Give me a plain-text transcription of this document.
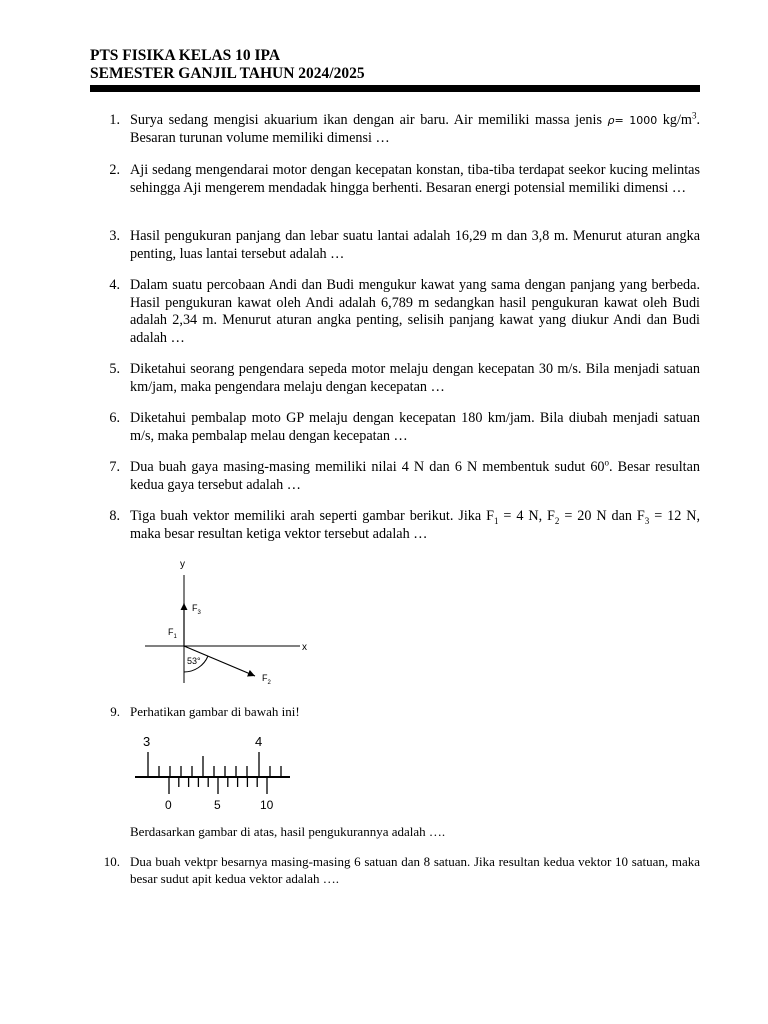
PTS FISIKA KELAS 10 IPA
SEMESTER GANJIL TAHUN 2024/2025
1. Surya sedang mengisi akuarium ikan dengan air baru. Air memiliki massa jenis ρ= 1000 $kg/m^3$. Besaran turunan volume memiliki dimensi …
2. Aji sedang mengendarai motor dengan kecepatan konstan, tiba-tiba terdapat seekor kucing melintas sehingga Aji mengerem mendadak hingga berhenti. Besaran energi potensial memiliki dimensi …
3. Hasil pengukuran panjang dan lebar suatu lantai adalah 16,29 m dan 3,8 m. Menurut aturan angka penting, luas lantai tersebut adalah …
4. Dalam suatu percobaan Andi dan Budi mengukur kawat yang sama dengan panjang yang berbeda. Hasil pengukuran kawat oleh Andi adalah 6,789 m sedangkan hasil pengukuran kawat oleh Budi adalah 2,34 m. Menurut aturan angka penting, selisih panjang kawat yang diukur Andi dan Budi adalah …
5. Diketahui seorang pengendara sepeda motor melaju dengan kecepatan 30 m/s. Bila menjadi satuan km/jam, maka pengendara melaju dengan kecepatan …
6. Diketahui pembalap moto GP melaju dengan kecepatan 180 km/jam. Bila diubah menjadi satuan m/s, maka pembalap melau dengan kecepatan …
7. Dua buah gaya masing-masing memiliki nilai 4 N dan 6 N membentuk sudut 60$^o$. Besar resultan kedua gaya tersebut adalah …
8. Tiga buah vektor memiliki arah seperti gambar berikut. Jika $F_1 = 4$ N, $F_2 = 20$ N dan $F_3 = 12$ N, maka besar resultan ketiga vektor tersebut adalah …
y
x
$F_3$
$F_1$
$F_2$
53°
9. Perhatikan gambar di bawah ini!
3	4
0	5	10
Berdasarkan gambar di atas, hasil pengukurannya adalah ….
10. Dua buah vektpr besarnya masing-masing 6 satuan dan 8 satuan. Jika resultan kedua vektor 10 satuan, maka besar sudut apit kedua vektor adalah ….
